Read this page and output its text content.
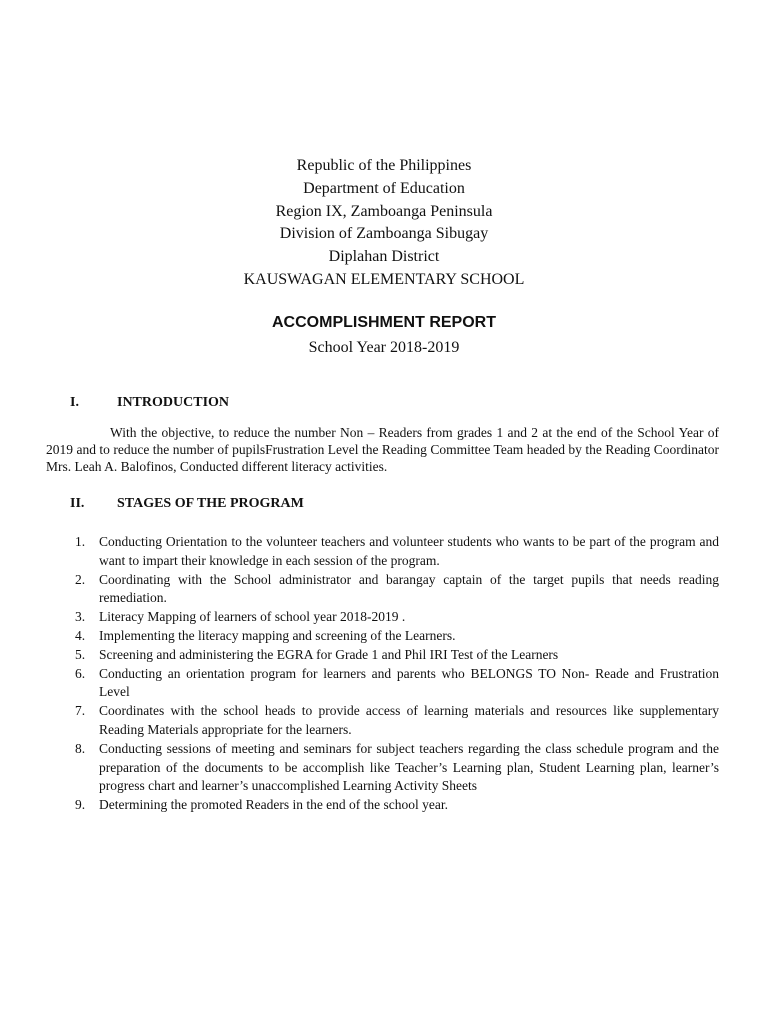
Republic of the Philippines

Department of Education

Region IX, Zamboanga Peninsula

Division of Zamboanga Sibugay

Diplahan District

KAUSWAGAN ELEMENTARY SCHOOL

ACCOMPLISHMENT REPORT

School Year 2018-2019

I.	INTRODUCTION

With the objective, to reduce the number Non – Readers from grades 1 and 2 at the end of the School Year of 2019 and to reduce the number of pupilsFrustration Level the Reading Committee Team headed by the Reading Coordinator Mrs. Leah A. Balofinos, Conducted different literacy activities.

II. STAGES OF THE PROGRAM
1. Conducting Orientation to the volunteer teachers and volunteer students who wants to be part of the program and want to impart their knowledge in each session of the program.
2. Coordinating with the School administrator and barangay captain of the target pupils that needs reading remediation.
3. Literacy Mapping of learners of school year 2018-2019 .
4. Implementing the literacy mapping and screening of the Learners.
5. Screening and administering the EGRA for Grade 1 and Phil IRI Test of the Learners
6. Conducting an orientation program for learners and parents who BELONGS TO Non- Reade and Frustration Level
7. Coordinates with the school heads to provide access of learning materials and resources like supplementary Reading Materials appropriate for the learners.
8. Conducting sessions of meeting and seminars for subject teachers regarding the class schedule program and the preparation of the documents to be accomplish like Teacher’s Learning plan, Student Learning plan, learner’s progress chart and learner’s unaccomplished Learning Activity Sheets
9. Determining the promoted Readers in the end of the school year.
